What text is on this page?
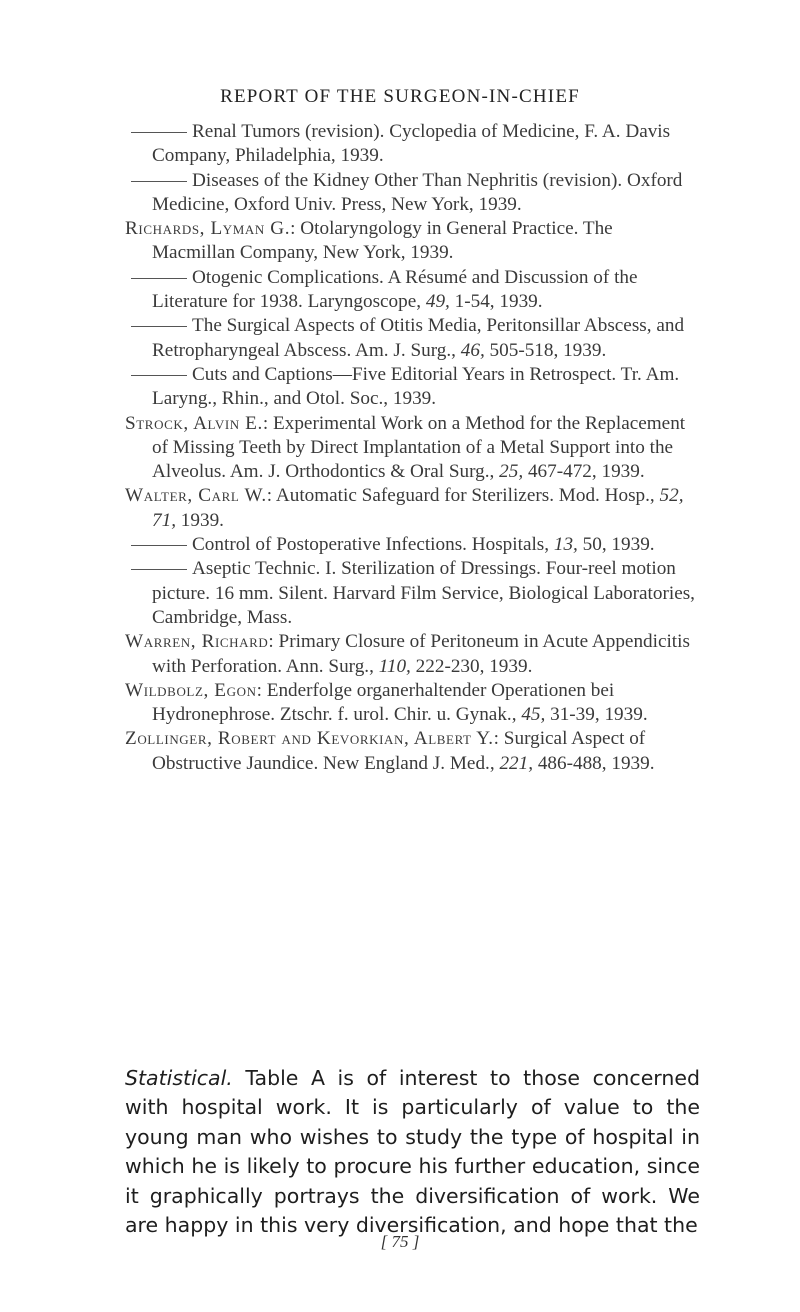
REPORT OF THE SURGEON-IN-CHIEF
Renal Tumors (revision). Cyclopedia of Medicine, F. A. Davis Company, Philadelphia, 1939.
Diseases of the Kidney Other Than Nephritis (revision). Oxford Medicine, Oxford Univ. Press, New York, 1939.
Richards, Lyman G.: Otolaryngology in General Practice. The Macmillan Company, New York, 1939.
Otogenic Complications. A Résumé and Discussion of the Literature for 1938. Laryngoscope, 49, 1-54, 1939.
The Surgical Aspects of Otitis Media, Peritonsillar Abscess, and Retropharyngeal Abscess. Am. J. Surg., 46, 505-518, 1939.
Cuts and Captions—Five Editorial Years in Retrospect. Tr. Am. Laryng., Rhin., and Otol. Soc., 1939.
Strock, Alvin E.: Experimental Work on a Method for the Replacement of Missing Teeth by Direct Implantation of a Metal Support into the Alveolus. Am. J. Orthodontics & Oral Surg., 25, 467-472, 1939.
Walter, Carl W.: Automatic Safeguard for Sterilizers. Mod. Hosp., 52, 71, 1939.
Control of Postoperative Infections. Hospitals, 13, 50, 1939.
Aseptic Technic. I. Sterilization of Dressings. Four-reel motion picture. 16 mm. Silent. Harvard Film Service, Biological Laboratories, Cambridge, Mass.
Warren, Richard: Primary Closure of Peritoneum in Acute Appendicitis with Perforation. Ann. Surg., 110, 222-230, 1939.
Wildbolz, Egon: Enderfolge organerhaltender Operationen bei Hydronephrose. Ztschr. f. urol. Chir. u. Gynak., 45, 31-39, 1939.
Zollinger, Robert and Kevorkian, Albert Y.: Surgical Aspect of Obstructive Jaundice. New England J. Med., 221, 486-488, 1939.

Statistical. Table A is of interest to those concerned with hospital work. It is particularly of value to the young man who wishes to study the type of hospital in which he is likely to procure his further education, since it graphically portrays the diversification of work. We are happy in this very diversification, and hope that the

[ 75 ]
